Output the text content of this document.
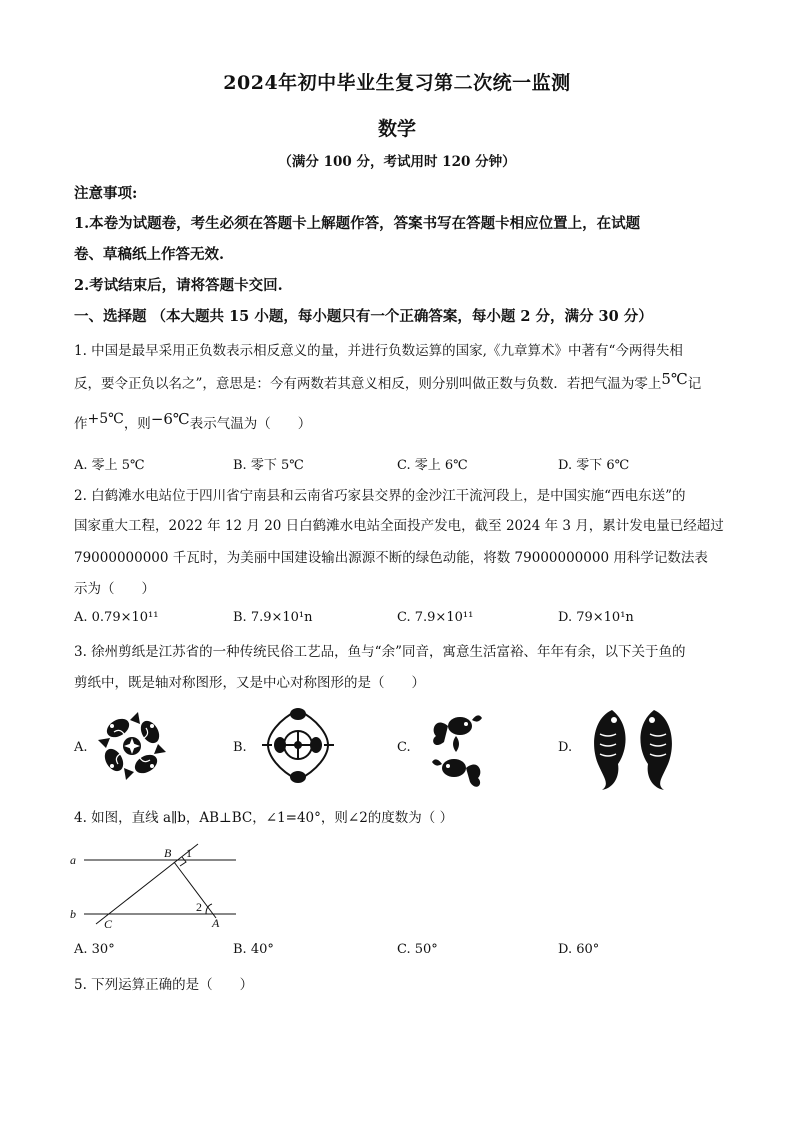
2024年初中毕业生复习第二次统一监测
数学
（满分 100 分，考试用时 120 分钟）
注意事项:
1.本卷为试题卷，考生必须在答题卡上解题作答，答案书写在答题卡相应位置上，在试题
卷、草稿纸上作答无效.
2.考试结束后，请将答题卡交回.
一、选择题 （本大题共 15 小题，每小题只有一个正确答案，每小题 2 分，满分 30 分）
1. 中国是最早采用正负数表示相反意义的量，并进行负数运算的国家,《九章算术》中著有“今两得失相
反，要令正负以名之”，意思是：今有两数若其意义相反，则分别叫做正数与负数．若把气温为零上5℃记
作+5℃，则−6℃表示气温为（　　）
A. 零上 5℃	B. 零下 5℃	C. 零上 6℃	D. 零下 6℃
2. 白鹤滩水电站位于四川省宁南县和云南省巧家县交界的金沙江干流河段上，是中国实施“西电东送”的
国家重大工程，2022 年 12 月 20 日白鹤滩水电站全面投产发电，截至 2024 年 3 月，累计发电量已经超过
79000000000 千瓦时，为美丽中国建设输出源源不断的绿色动能，将数 79000000000 用科学记数法表
示为（　　）
A. 0.79×10¹¹	B. 7.9×10¹n	C. 7.9×10¹¹	D. 79×10¹n
3. 徐州剪纸是江苏省的一种传统民俗工艺品，鱼与“余”同音，寓意生活富裕、年年有余，以下关于鱼的
剪纸中，既是轴对称图形，又是中心对称图形的是（　　）
A.	B.	C.	D.
4. 如图，直线 a∥b，AB⊥BC，∠1=40°，则∠2的度数为（ ）
a
b
B 1
2
A
C
A. 30°	B. 40°	C. 50°	D. 60°
5. 下列运算正确的是（　　）
